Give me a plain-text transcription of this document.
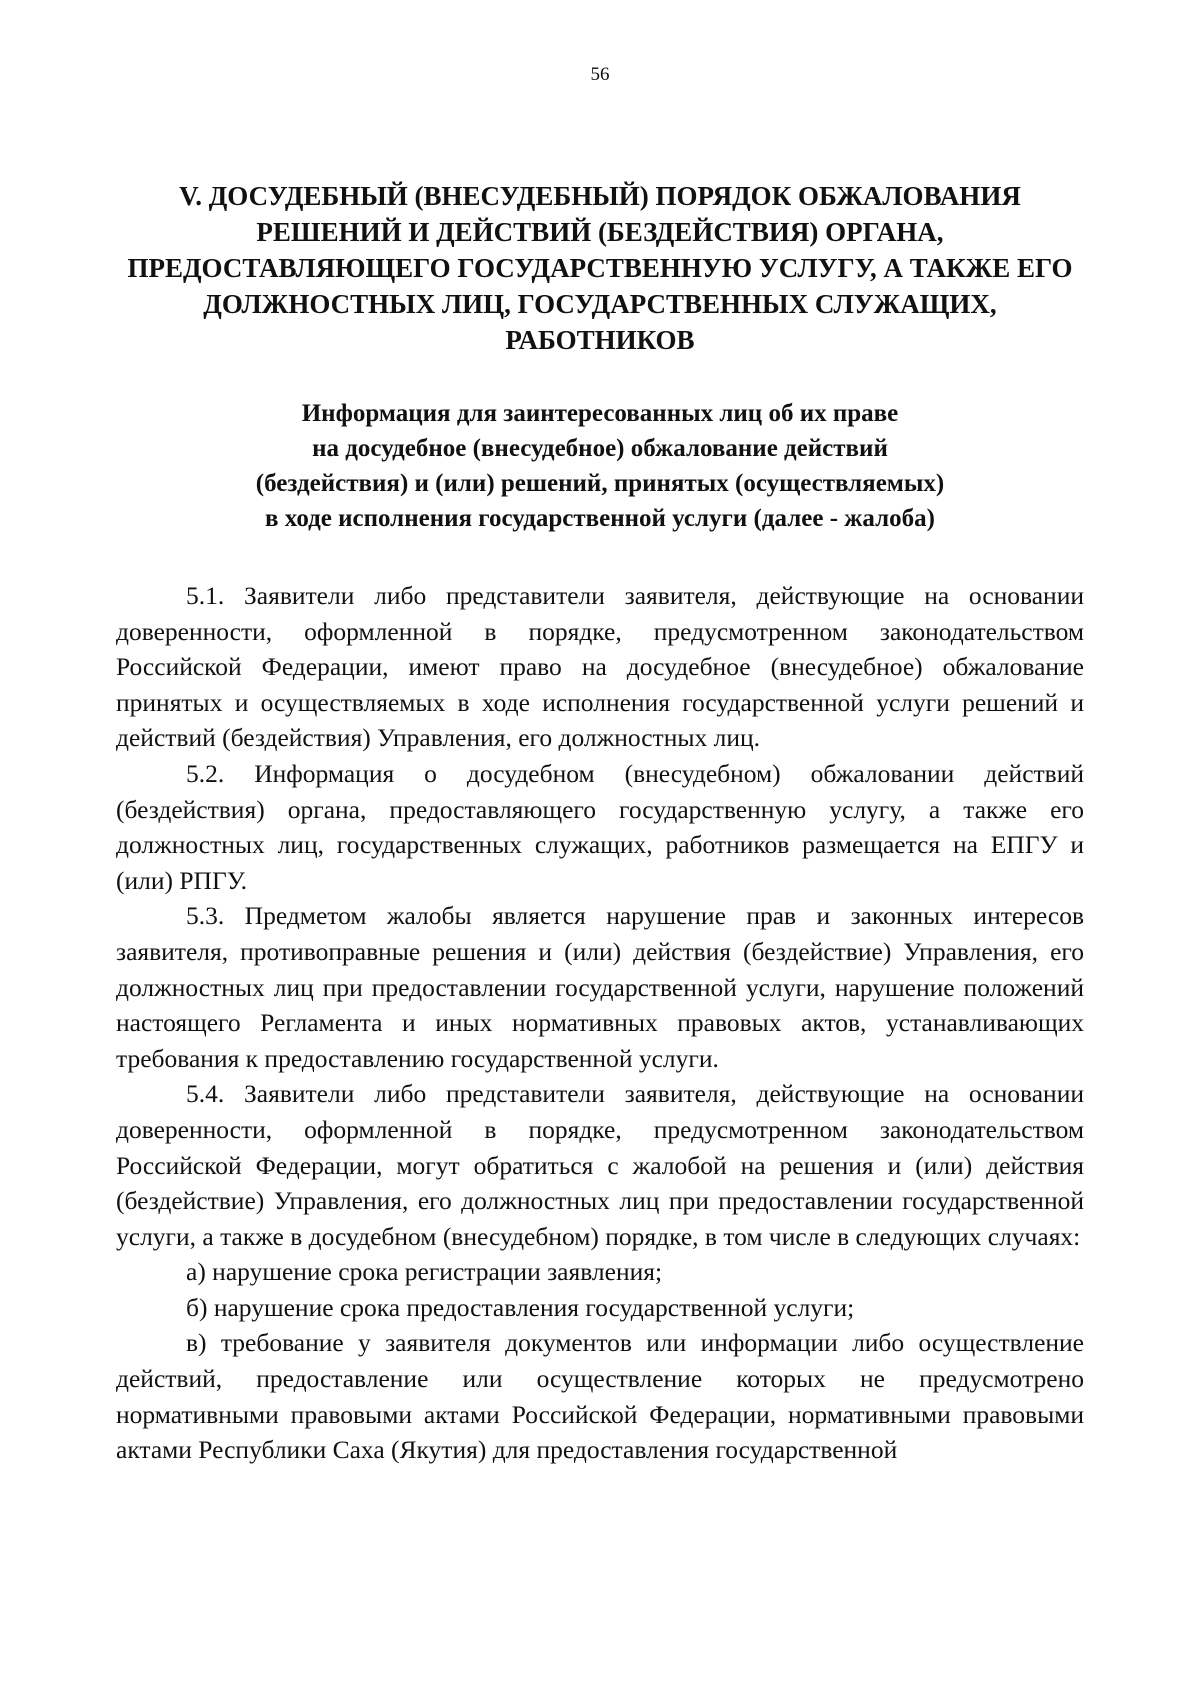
56
V. ДОСУДЕБНЫЙ (ВНЕСУДЕБНЫЙ) ПОРЯДОК ОБЖАЛОВАНИЯ
РЕШЕНИЙ И ДЕЙСТВИЙ (БЕЗДЕЙСТВИЯ) ОРГАНА,
ПРЕДОСТАВЛЯЮЩЕГО ГОСУДАРСТВЕННУЮ УСЛУГУ, А ТАКЖЕ ЕГО
ДОЛЖНОСТНЫХ ЛИЦ, ГОСУДАРСТВЕННЫХ СЛУЖАЩИХ,
РАБОТНИКОВ
Информация для заинтересованных лиц об их праве
на досудебное (внесудебное) обжалование действий
(бездействия) и (или) решений, принятых (осуществляемых)
в ходе исполнения государственной услуги (далее - жалоба)

5.1. Заявители либо представители заявителя, действующие на основании доверенности, оформленной в порядке, предусмотренном законодательством Российской Федерации, имеют право на досудебное (внесудебное) обжалование принятых и осуществляемых в ходе исполнения государственной услуги решений и действий (бездействия) Управления, его должностных лиц.

5.2. Информация о досудебном (внесудебном) обжаловании действий (бездействия) органа, предоставляющего государственную услугу, а также его должностных лиц, государственных служащих, работников размещается на ЕПГУ и (или) РПГУ.

5.3. Предметом жалобы является нарушение прав и законных интересов заявителя, противоправные решения и (или) действия (бездействие) Управления, его должностных лиц при предоставлении государственной услуги, нарушение положений настоящего Регламента и иных нормативных правовых актов, устанавливающих требования к предоставлению государственной услуги.

5.4. Заявители либо представители заявителя, действующие на основании доверенности, оформленной в порядке, предусмотренном законодательством Российской Федерации, могут обратиться с жалобой на решения и (или) действия (бездействие) Управления, его должностных лиц при предоставлении государственной услуги, а также в досудебном (внесудебном) порядке, в том числе в следующих случаях:

а) нарушение срока регистрации заявления;

б) нарушение срока предоставления государственной услуги;

в) требование у заявителя документов или информации либо осуществление действий, предоставление или осуществление которых не предусмотрено нормативными правовыми актами Российской Федерации, нормативными правовыми актами Республики Саха (Якутия) для предоставления государственной
